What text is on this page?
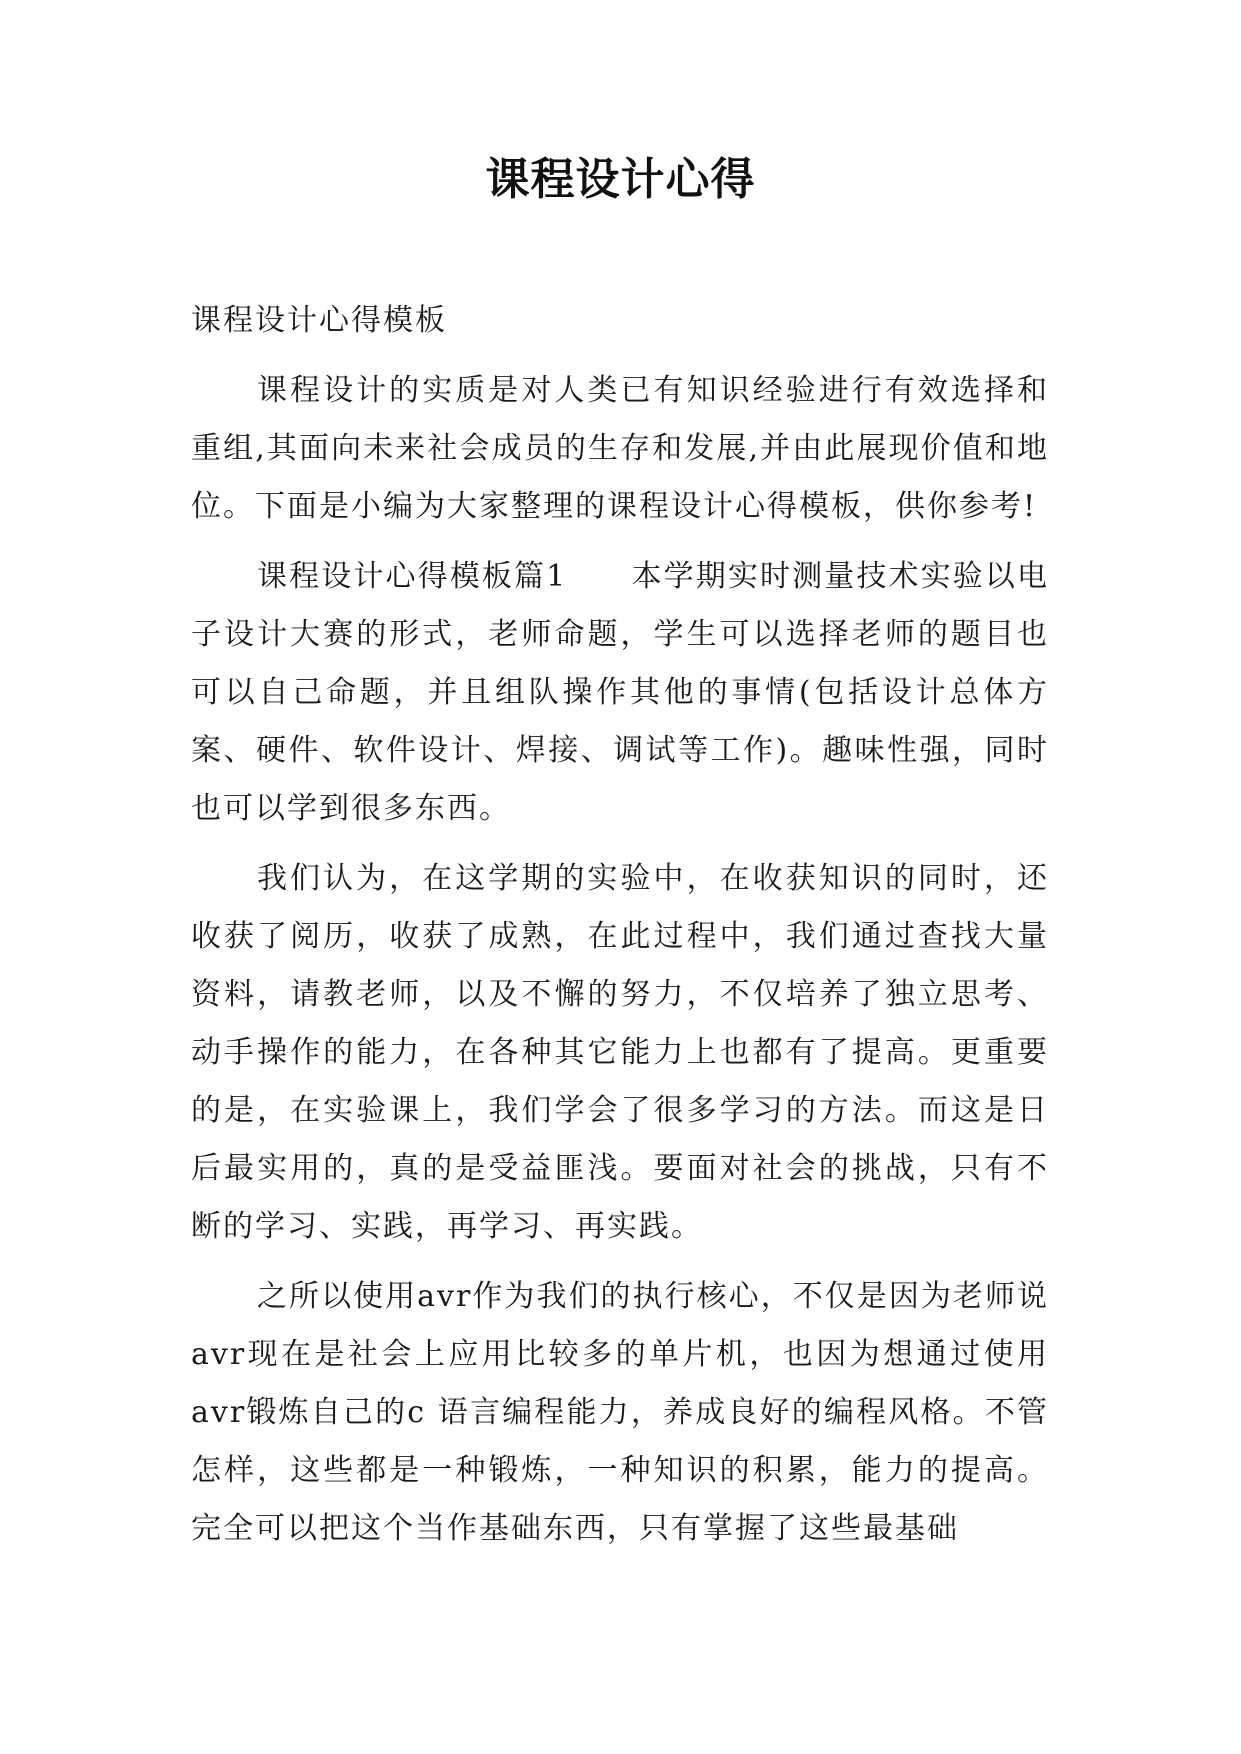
课程设计心得

课程设计心得模板

课程设计的实质是对人类已有知识经验进行有效选择和重组,其面向未来社会成员的生存和发展,并由此展现价值和地位。下面是小编为大家整理的课程设计心得模板，供你参考!

课程设计心得模板篇1　　本学期实时测量技术实验以电子设计大赛的形式，老师命题，学生可以选择老师的题目也可以自己命题，并且组队操作其他的事情(包括设计总体方案、硬件、软件设计、焊接、调试等工作)。趣味性强，同时也可以学到很多东西。

我们认为，在这学期的实验中，在收获知识的同时，还收获了阅历，收获了成熟，在此过程中，我们通过查找大量资料，请教老师，以及不懈的努力，不仅培养了独立思考、动手操作的能力，在各种其它能力上也都有了提高。更重要的是，在实验课上，我们学会了很多学习的方法。而这是日后最实用的，真的是受益匪浅。要面对社会的挑战，只有不断的学习、实践，再学习、再实践。

之所以使用avr作为我们的执行核心，不仅是因为老师说avr现在是社会上应用比较多的单片机，也因为想通过使用avr锻炼自己的c 语言编程能力，养成良好的编程风格。不管怎样，这些都是一种锻炼，一种知识的积累，能力的提高。完全可以把这个当作基础东西，只有掌握了这些最基础
